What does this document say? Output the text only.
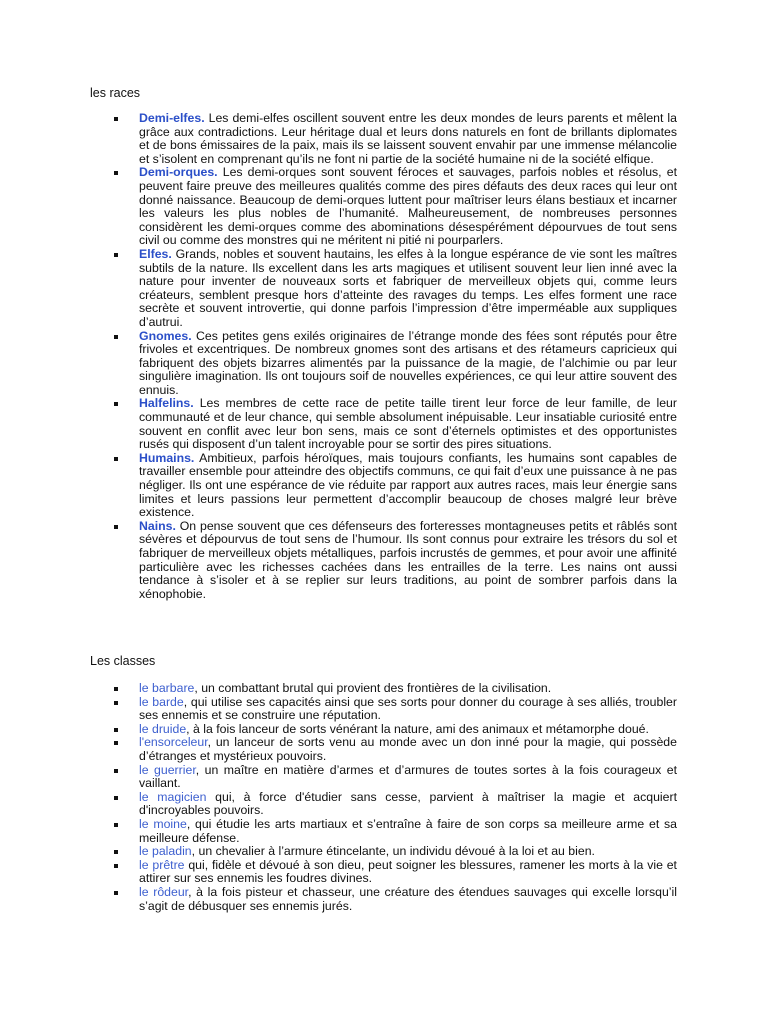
les races
Demi-elfes. Les demi-elfes oscillent souvent entre les deux mondes de leurs parents et mêlent la grâce aux contradictions. Leur héritage dual et leurs dons naturels en font de brillants diplomates et de bons émissaires de la paix, mais ils se laissent souvent envahir par une immense mélancolie et s’isolent en comprenant qu’ils ne font ni partie de la société humaine ni de la société elfique.
Demi-orques. Les demi-orques sont souvent féroces et sauvages, parfois nobles et résolus, et peuvent faire preuve des meilleures qualités comme des pires défauts des deux races qui leur ont donné naissance. Beaucoup de demi-orques luttent pour maîtriser leurs élans bestiaux et incarner les valeurs les plus nobles de l’humanité. Malheureusement, de nombreuses personnes considèrent les demi-orques comme des abominations désespérément dépourvues de tout sens civil ou comme des monstres qui ne méritent ni pitié ni pourparlers.
Elfes. Grands, nobles et souvent hautains, les elfes à la longue espérance de vie sont les maîtres subtils de la nature. Ils excellent dans les arts magiques et utilisent souvent leur lien inné avec la nature pour inventer de nouveaux sorts et fabriquer de merveilleux objets qui, comme leurs créateurs, semblent presque hors d’atteinte des ravages du temps. Les elfes forment une race secrète et souvent introvertie, qui donne parfois l’impression d’être imperméable aux suppliques d’autrui.
Gnomes. Ces petites gens exilés originaires de l’étrange monde des fées sont réputés pour être frivoles et excentriques. De nombreux gnomes sont des artisans et des rétameurs capricieux qui fabriquent des objets bizarres alimentés par la puissance de la magie, de l’alchimie ou par leur singulière imagination. Ils ont toujours soif de nouvelles expériences, ce qui leur attire souvent des ennuis.
Halfelins. Les membres de cette race de petite taille tirent leur force de leur famille, de leur communauté et de leur chance, qui semble absolument inépuisable. Leur insatiable curiosité entre souvent en conflit avec leur bon sens, mais ce sont d’éternels optimistes et des opportunistes rusés qui disposent d’un talent incroyable pour se sortir des pires situations.
Humains. Ambitieux, parfois héroïques, mais toujours confiants, les humains sont capables de travailler ensemble pour atteindre des objectifs communs, ce qui fait d’eux une puissance à ne pas négliger. Ils ont une espérance de vie réduite par rapport aux autres races, mais leur énergie sans limites et leurs passions leur permettent d’accomplir beaucoup de choses malgré leur brève existence.
Nains. On pense souvent que ces défenseurs des forteresses montagneuses petits et râblés sont sévères et dépourvus de tout sens de l’humour. Ils sont connus pour extraire les trésors du sol et fabriquer de merveilleux objets métalliques, parfois incrustés de gemmes, et pour avoir une affinité particulière avec les richesses cachées dans les entrailles de la terre. Les nains ont aussi tendance à s’isoler et à se replier sur leurs traditions, au point de sombrer parfois dans la xénophobie.
Les classes
le barbare, un combattant brutal qui provient des frontières de la civilisation.
le barde, qui utilise ses capacités ainsi que ses sorts pour donner du courage à ses alliés, troubler ses ennemis et se construire une réputation.
le druide, à la fois lanceur de sorts vénérant la nature, ami des animaux et métamorphe doué.
l'ensorceleur, un lanceur de sorts venu au monde avec un don inné pour la magie, qui possède d’étranges et mystérieux pouvoirs.
le guerrier, un maître en matière d’armes et d’armures de toutes sortes à la fois courageux et vaillant.
le magicien qui, à force d'étudier sans cesse, parvient à maîtriser la magie et acquiert d'incroyables pouvoirs.
le moine, qui étudie les arts martiaux et s’entraîne à faire de son corps sa meilleure arme et sa meilleure défense.
le paladin, un chevalier à l’armure étincelante, un individu dévoué à la loi et au bien.
le prêtre qui, fidèle et dévoué à son dieu, peut soigner les blessures, ramener les morts à la vie et attirer sur ses ennemis les foudres divines.
le rôdeur, à la fois pisteur et chasseur, une créature des étendues sauvages qui excelle lorsqu’il s’agit de débusquer ses ennemis jurés.
